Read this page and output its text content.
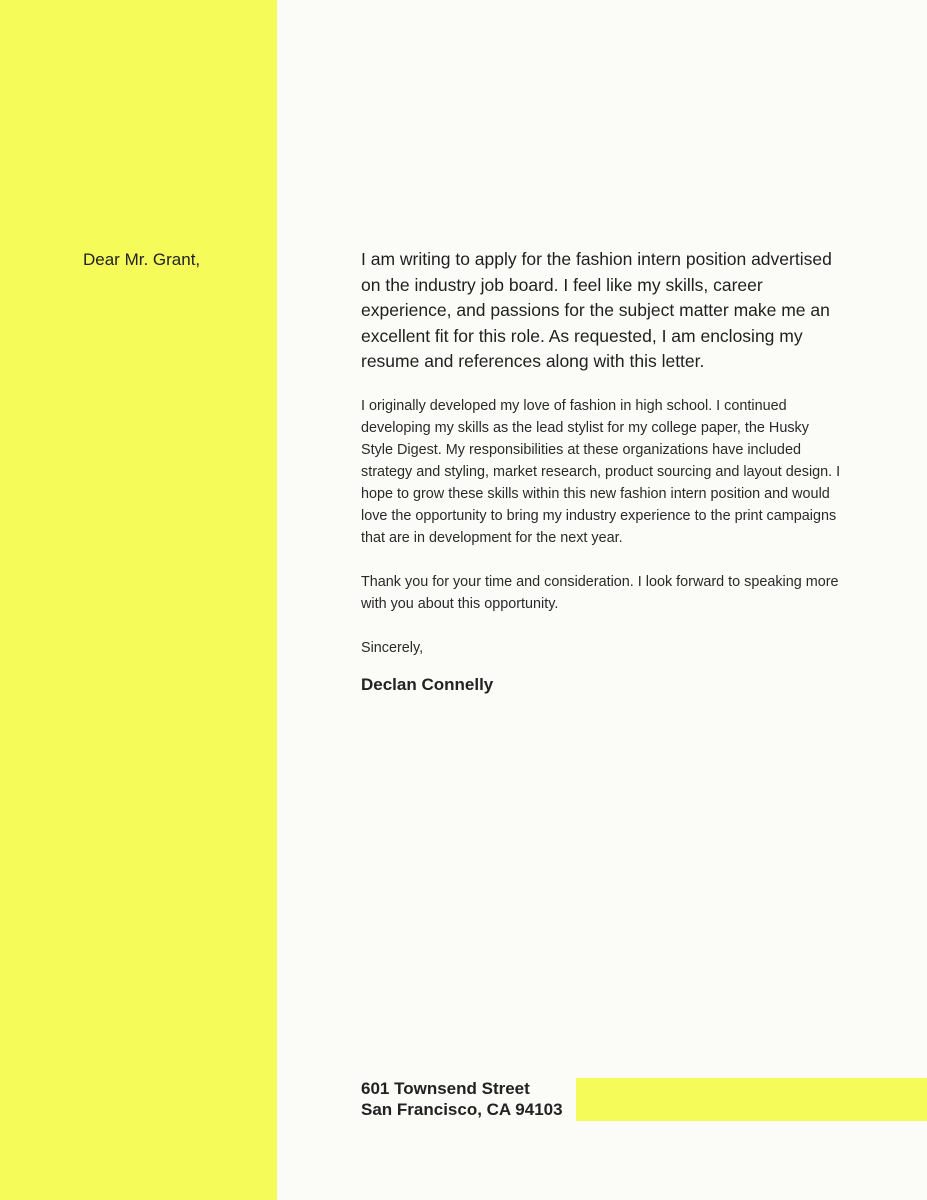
Dear Mr. Grant,	I am writing to apply for the fashion intern position advertised on the industry job board. I feel like my skills, career experience, and passions for the subject matter make me an excellent fit for this role. As requested, I am enclosing my resume and references along with this letter.

I originally developed my love of fashion in high school. I continued developing my skills as the lead stylist for my college paper, the Husky Style Digest. My responsibilities at these organizations have included strategy and styling, market research, product sourcing and layout design. I hope to grow these skills within this new fashion intern position and would love the opportunity to bring my industry experience to the print campaigns that are in development for the next year.

Thank you for your time and consideration. I look forward to speaking more with you about this opportunity.

Sincerely,

Declan Connelly

601 Townsend Street
San Francisco, CA 94103
